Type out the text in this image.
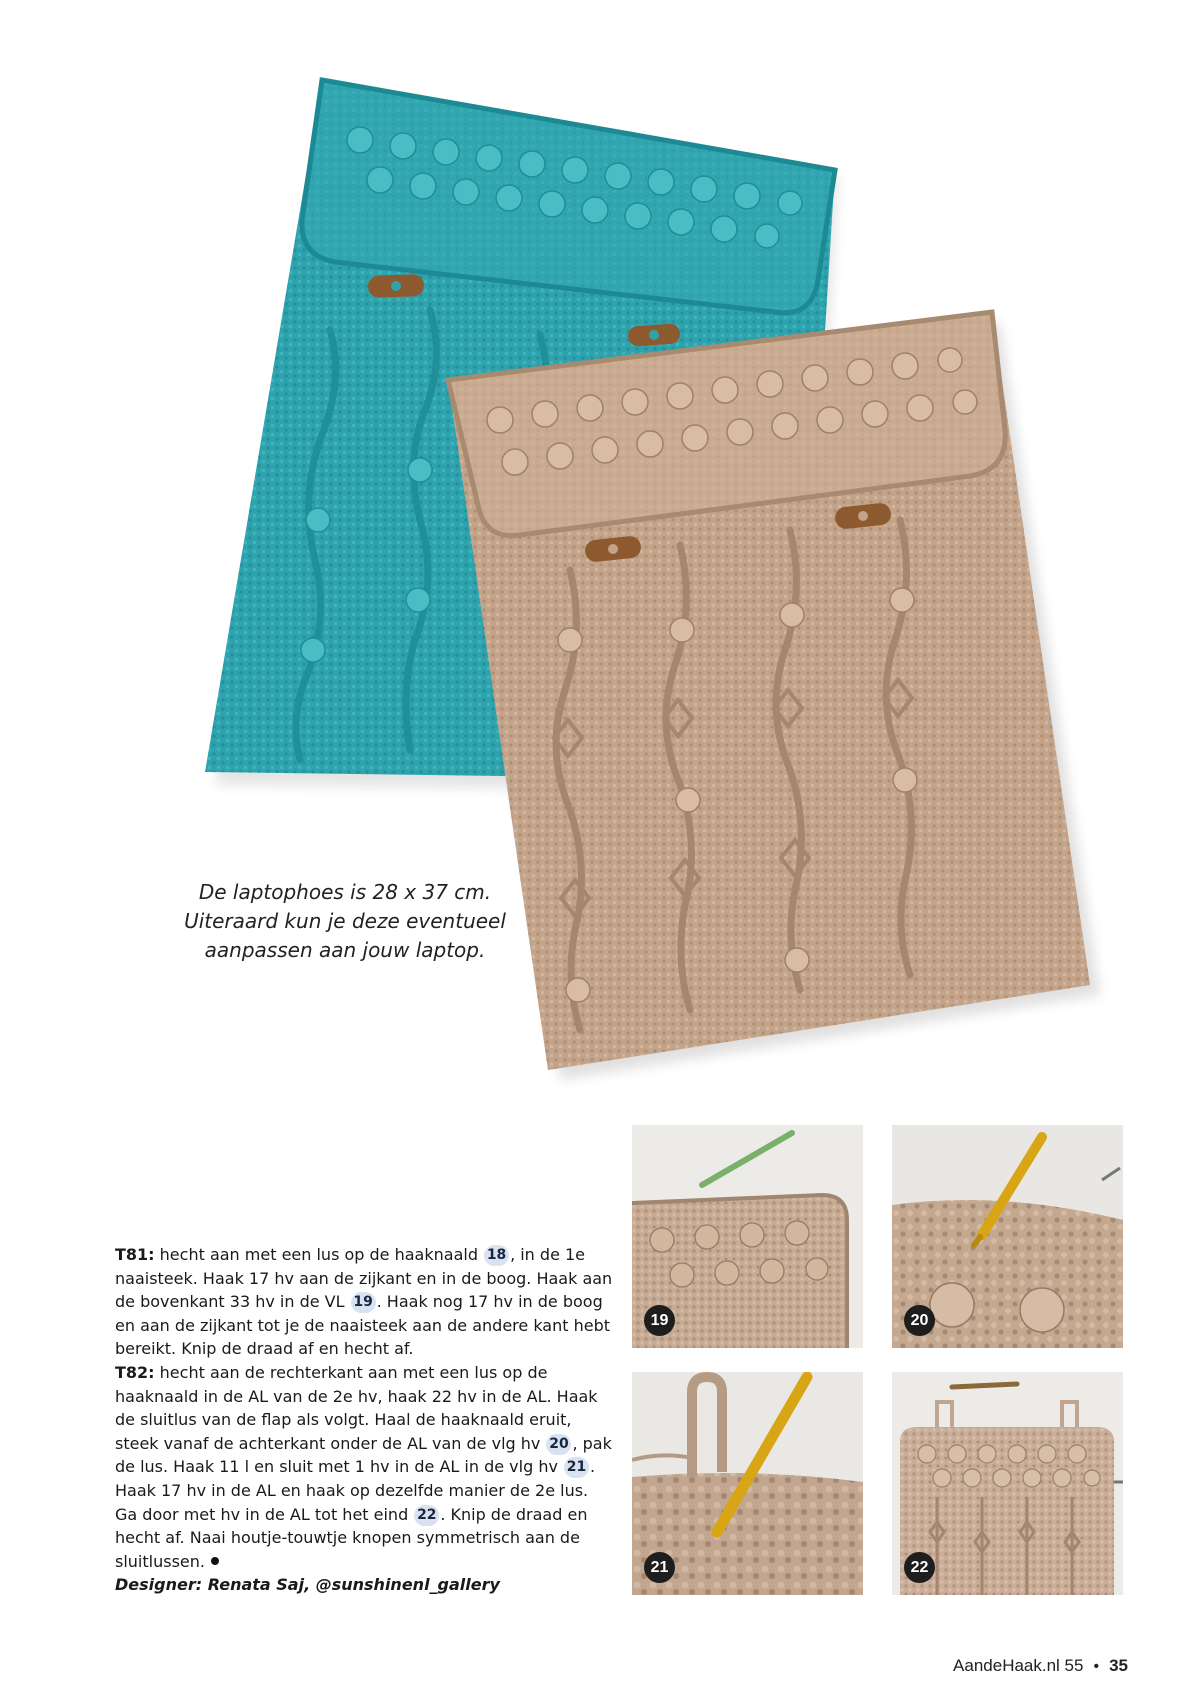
De laptophoes is 28 x 37 cm.
Uiteraard kun je deze eventueel
aanpassen aan jouw laptop.

T81: hecht aan met een lus op de haaknaald 18 , in de 1e naaisteek. Haak 17 hv aan de zijkant en in de boog. Haak aan de bovenkant 33 hv in de VL 19 . Haak nog 17 hv in de boog en aan de zijkant tot je de naaisteek aan de andere kant hebt bereikt. Knip de draad af en hecht af.

T82: hecht aan de rechterkant aan met een lus op de haaknaald in de AL van de 2e hv, haak 22 hv in de AL. Haak de sluitlus van de flap als volgt. Haal de haaknaald eruit, steek vanaf de achterkant onder de AL van de vlg hv 20 , pak de lus. Haak 11 l en sluit met 1 hv in de AL in de vlg hv 21 . Haak 17 hv in de AL en haak op dezelfde manier de 2e lus. Ga door met hv in de AL tot het eind 22 . Knip de draad en hecht af. Naai houtje-touwtje knopen symmetrisch aan de sluitlussen.

Designer: Renata Saj, @sunshinenl_gallery

19	20
21	22
AandeHaak.nl 55 • 35
